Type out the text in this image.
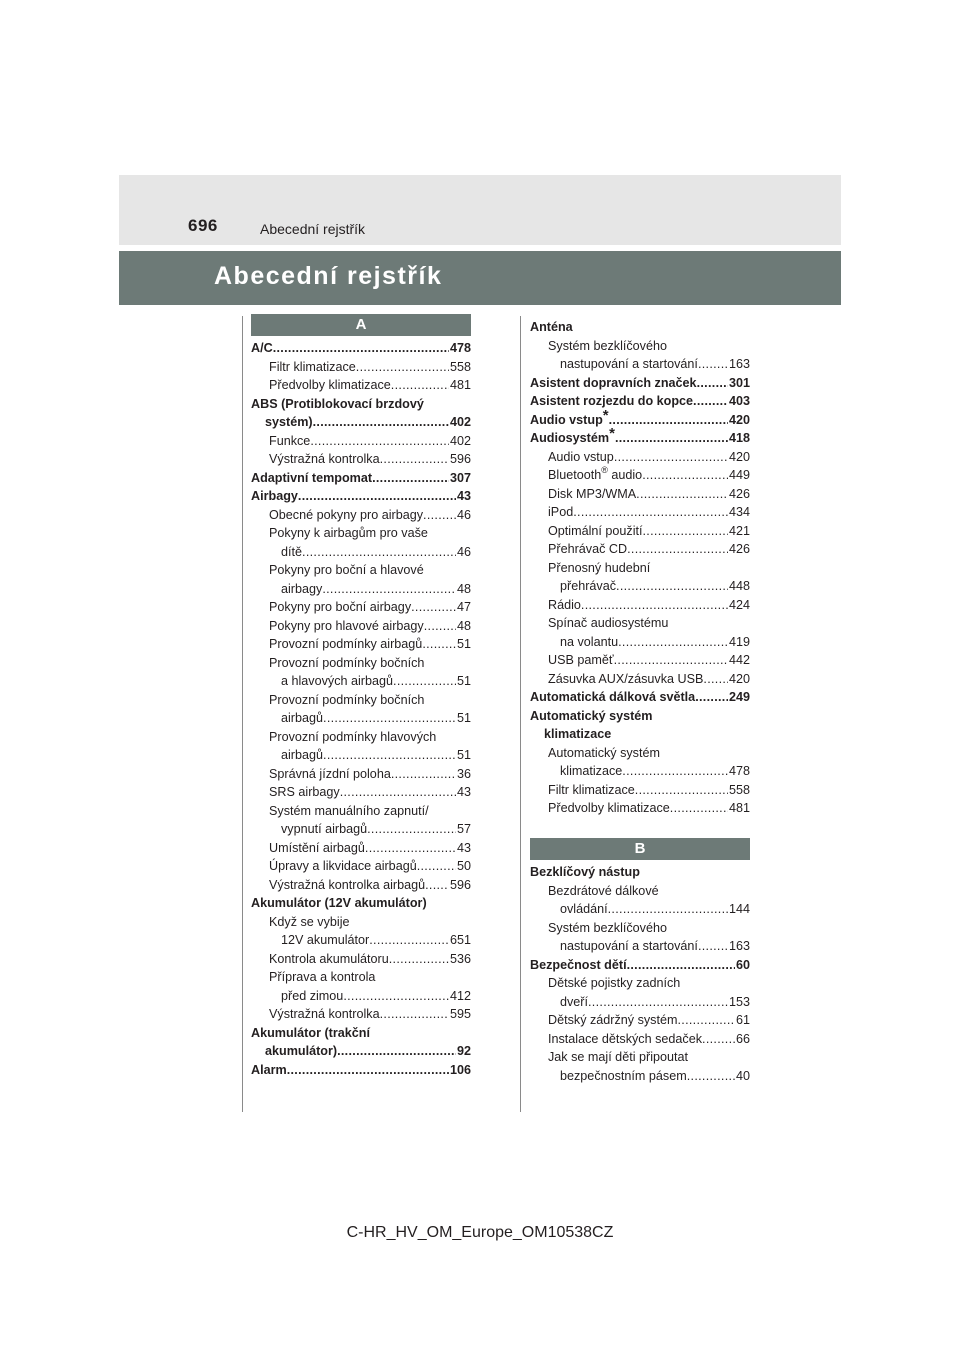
696	Abecední rejstřík
Abecední rejstřík
A
A/C .....	478
Filtr klimatizace .....	558
Předvolby klimatizace .....	481
ABS (Protiblokovací brzdový
systém) .....	402
Funkce .....	402
Výstražná kontrolka .....	596
Adaptivní tempomat .....	307
Airbagy .....	43
Obecné pokyny pro airbagy .....	46
Pokyny k airbagům pro vaše
dítě .....	46
Pokyny pro boční a hlavové
airbagy .....	48
Pokyny pro boční airbagy .....	47
Pokyny pro hlavové airbagy .....	48
Provozní podmínky airbagů .....	51
Provozní podmínky bočních
a hlavových airbagů .....	51
Provozní podmínky bočních
airbagů .....	51
Provozní podmínky hlavových
airbagů .....	51
Správná jízdní poloha .....	36
SRS airbagy .....	43
Systém manuálního zapnutí/
vypnutí airbagů .....	57
Umístění airbagů .....	43
Úpravy a likvidace airbagů .....	50
Výstražná kontrolka airbagů ..... 596
Akumulátor (12V akumulátor)
Když se vybije
12V akumulátor .....	651
Kontrola akumulátoru .....	536
Příprava a kontrola
před zimou .....	412
Výstražná kontrolka .....	595
Akumulátor (trakční
akumulátor) .....	92
Alarm .....	106
Anténa
Systém bezklíčového
nastupování a startování ..... 163
Asistent dopravních značek .....	301
Asistent rozjezdu do kopce .....	403
Audio vstup* .....	420
Audiosystém* .....	418
Audio vstup .....	420
Bluetooth® audio .....	449
Disk MP3/WMA .....	426
iPod .....	434
Optimální použití .....	421
Přehrávač CD .....	426
Přenosný hudební
přehrávač .....	448
Rádio .....	424
Spínač audiosystému
na volantu .....	419
USB paměť .....	442
Zásuvka AUX/zásuvka USB ..... 420
Automatická dálková světla .....	249
Automatický systém
klimatizace
Automatický systém
klimatizace .....	478
Filtr klimatizace .....	558
Předvolby klimatizace .....	481
B
Bezklíčový nástup
Bezdrátové dálkové
ovládání .....	144
Systém bezklíčového
nastupování a startování ..... 163
Bezpečnost dětí .....	60
Dětské pojistky zadních
dveří .....	153
Dětský zádržný systém .....	61
Instalace dětských sedaček .....	66
Jak se mají děti připoutat
bezpečnostním pásem .....	40
C-HR_HV_OM_Europe_OM10538CZ
